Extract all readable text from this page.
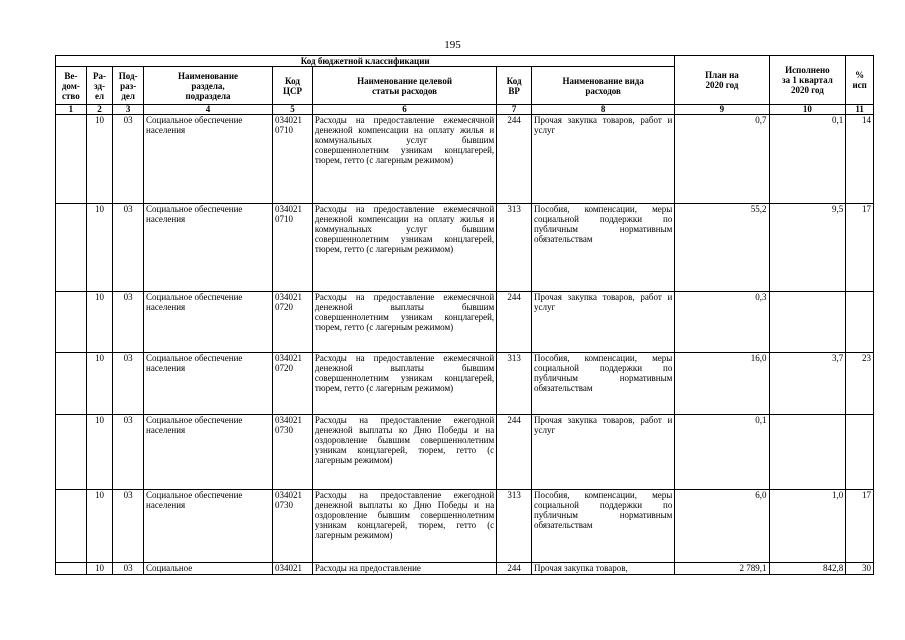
195
Код бюджетной классификации								План на
2020 год	Исполнено
за 1 квартал
2020 год	%
исп
Ве-
дом-
ство	Ра-
зд-
ел	Под-
раз-
дел	Наименование
раздела,
подраздела	Код
ЦСР	Наименование целевой
статьи расходов	Код
ВР	Наименование вида
расходов			
1	2	3	4	5	6	7	8	9	10	11
	10	03	Социальное обеспечение населения	034021 0710	Расходы на предоставление ежемесячной денежной компенсации на оплату жилья и коммунальных услуг бывшим совершеннолетним узникам концлагерей, тюрем, гетто (с лагерным режимом)	244	Прочая закупка товаров, работ и услуг	0,7	0,1	14
	10	03	Социальное обеспечение населения	034021 0710	Расходы на предоставление ежемесячной денежной компенсации на оплату жилья и коммунальных услуг бывшим совершеннолетним узникам концлагерей, тюрем, гетто (с лагерным режимом)	313	Пособия, компенсации, меры социальной поддержки по публичным нормативным обязательствам	55,2	9,5	17
	10	03	Социальное обеспечение населения	034021 0720	Расходы на предоставление ежемесячной денежной выплаты бывшим совершеннолетним узникам концлагерей, тюрем, гетто (с лагерным режимом)	244	Прочая закупка товаров, работ и услуг	0,3		
	10	03	Социальное обеспечение населения	034021 0720	Расходы на предоставление ежемесячной денежной выплаты бывшим совершеннолетним узникам концлагерей, тюрем, гетто (с лагерным режимом)	313	Пособия, компенсации, меры социальной поддержки по публичным нормативным обязательствам	16,0	3,7	23
	10	03	Социальное обеспечение населения	034021 0730	Расходы на предоставление ежегодной денежной выплаты ко Дню Победы и на оздоровление бывшим совершеннолетним узникам концлагерей, тюрем, гетто (с лагерным режимом)	244	Прочая закупка товаров, работ и услуг	0,1		
	10	03	Социальное обеспечение населения	034021 0730	Расходы на предоставление ежегодной денежной выплаты ко Дню Победы и на оздоровление бывшим совершеннолетним узникам концлагерей, тюрем, гетто (с лагерным режимом)	313	Пособия, компенсации, меры социальной поддержки по публичным нормативным обязательствам	6,0	1,0	17
	10	03	Социальное	034021	Расходы на предоставление	244	Прочая закупка товаров,	2 789,1	842,8	30
